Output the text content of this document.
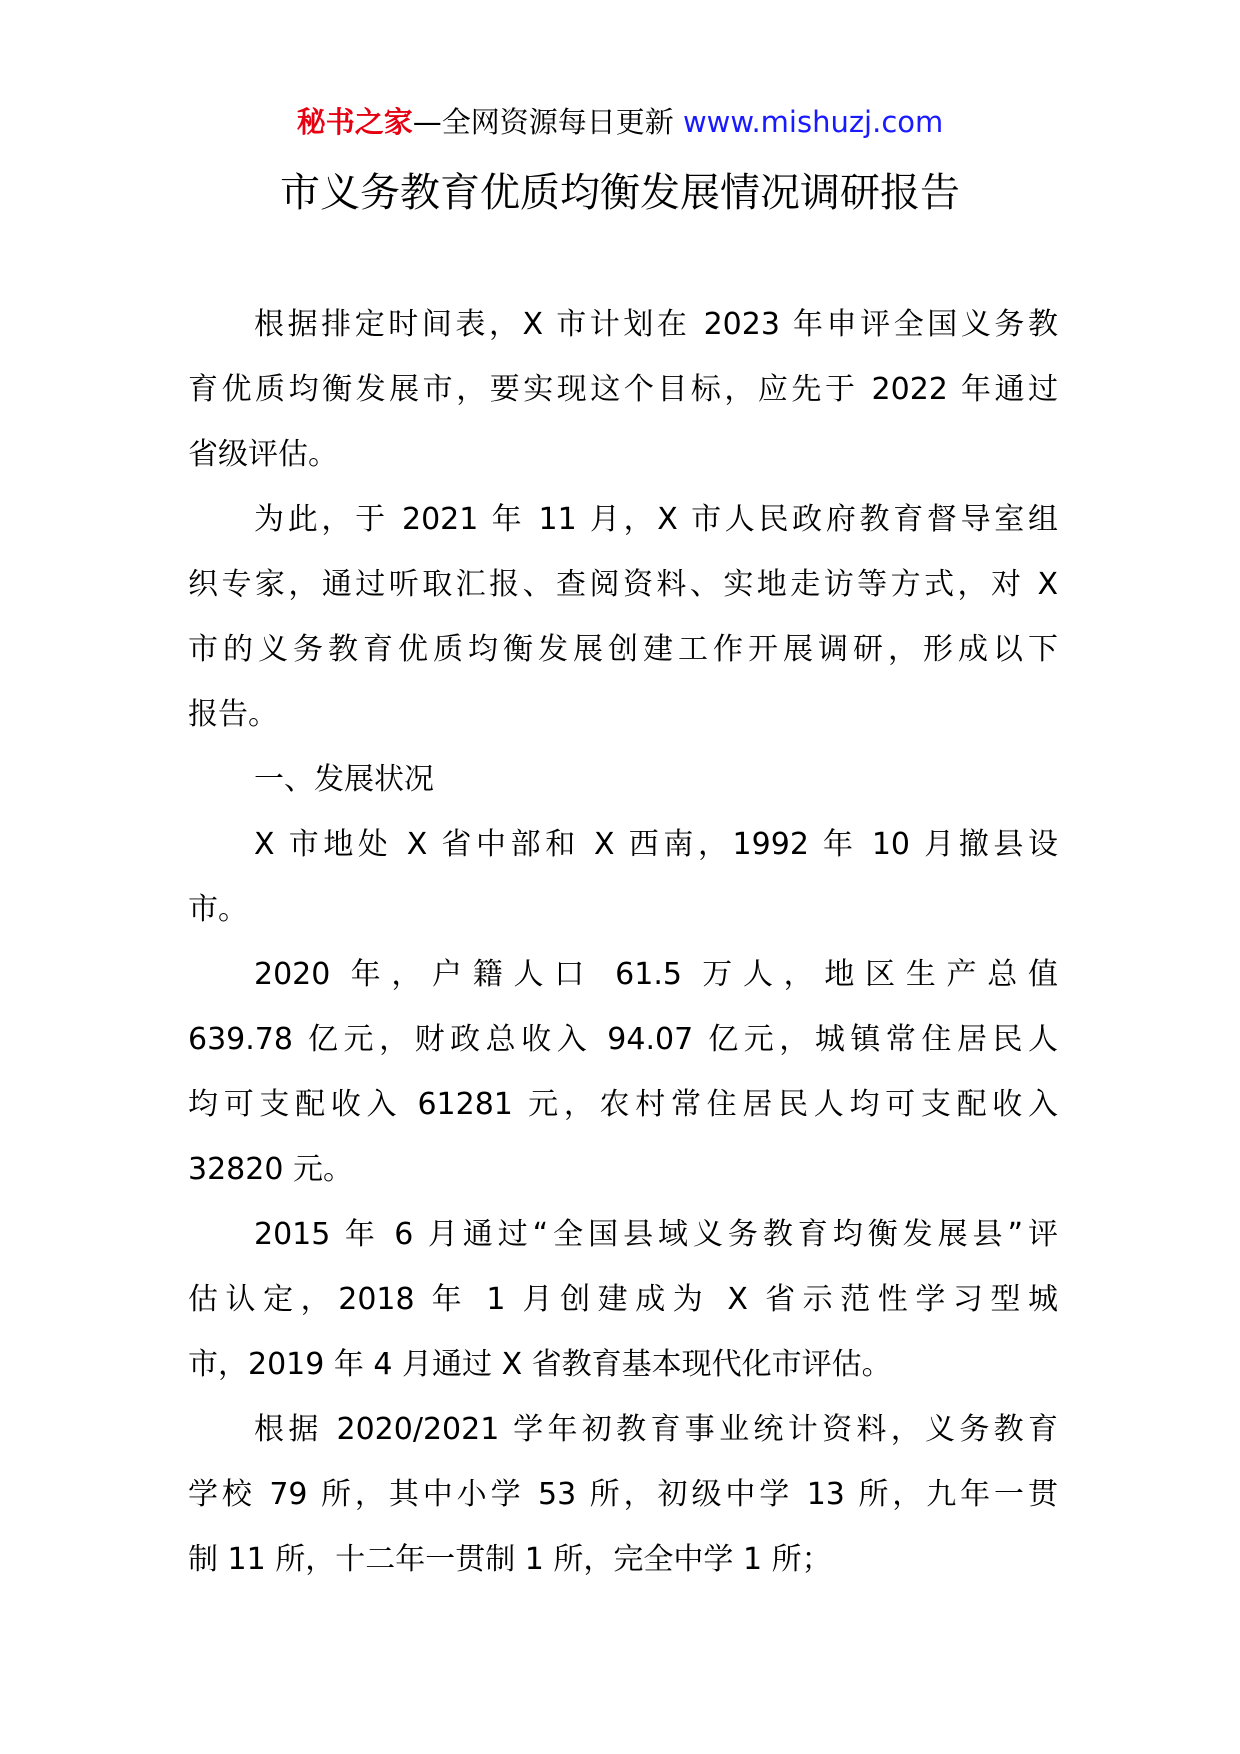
秘书之家—全网资源每日更新 www.mishuzj.com
市义务教育优质均衡发展情况调研报告

根据排定时间表，X 市计划在 2023 年申评全国义务教
育优质均衡发展市，要实现这个目标，应先于 2022 年通过
省级评估。

为此，于 2021 年 11 月，X 市人民政府教育督导室组
织专家，通过听取汇报、查阅资料、实地走访等方式，对 X
市的义务教育优质均衡发展创建工作开展调研，形成以下
报告。

一、发展状况

X 市地处 X 省中部和 X 西南，1992 年 10 月撤县设
市。

2020 年，户籍人口 61.5 万人，地区生产总值
639.78 亿元，财政总收入 94.07 亿元，城镇常住居民人
均可支配收入 61281 元，农村常住居民人均可支配收入
32820 元。

2015 年 6 月通过“全国县域义务教育均衡发展县”评
估认定，2018 年 1 月创建成为 X 省示范性学习型城
市，2019 年 4 月通过 X 省教育基本现代化市评估。

根据 2020/2021 学年初教育事业统计资料，义务教育
学校 79 所，其中小学 53 所，初级中学 13 所，九年一贯
制 11 所，十二年一贯制 1 所，完全中学 1 所；
